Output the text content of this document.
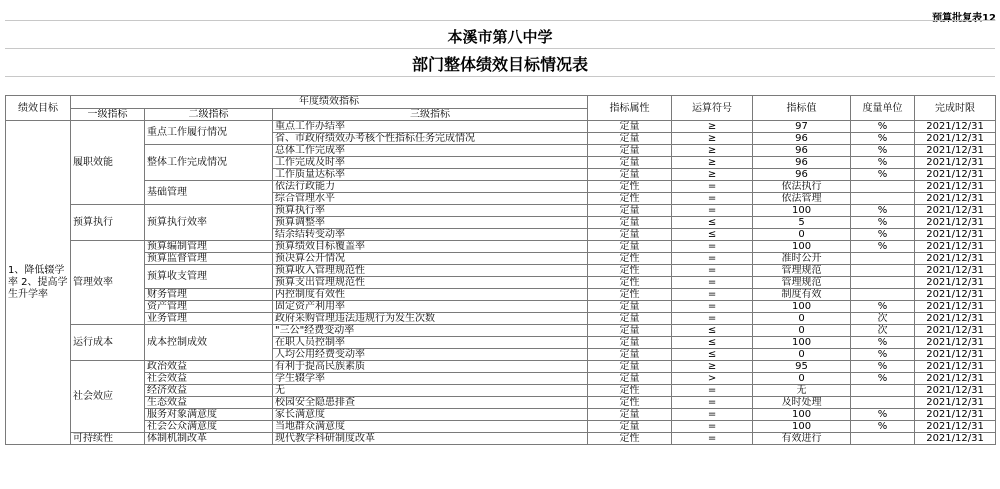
预算批复表12
本溪市第八中学
部门整体绩效目标情况表
绩效目标	年度绩效指标			指标属性	运算符号	指标值	度量单位	完成时限
	一级指标	二级指标	三级指标					
1、降低辍学率 2、提高学生升学率	履职效能	重点工作履行情况	重点工作办结率	定量	≥	97	%	2021/12/31
			省、市政府绩效办考核个性指标任务完成情况	定量	≥	96	%	2021/12/31
		整体工作完成情况	总体工作完成率	定量	≥	96	%	2021/12/31
			工作完成及时率	定量	≥	96	%	2021/12/31
			工作质量达标率	定量	≥	96	%	2021/12/31
		基础管理	依法行政能力	定性	=	依法执行		2021/12/31
			综合管理水平	定性	=	依法管理		2021/12/31
	预算执行	预算执行效率	预算执行率	定量	=	100	%	2021/12/31
			预算调整率	定量	≤	5	%	2021/12/31
			结余结转变动率	定量	≤	0	%	2021/12/31
	管理效率	预算编制管理	预算绩效目标覆盖率	定量	=	100	%	2021/12/31
		预算监督管理	预决算公开情况	定性	=	准时公开		2021/12/31
		预算收支管理	预算收入管理规范性	定性	=	管理规范		2021/12/31
			预算支出管理规范性	定性	=	管理规范		2021/12/31
		财务管理	内控制度有效性	定性	=	制度有效		2021/12/31
		资产管理	固定资产利用率	定量	=	100	%	2021/12/31
		业务管理	政府采购管理违法违规行为发生次数	定量	=	0	次	2021/12/31
	运行成本	成本控制成效	"三公"经费变动率	定量	≤	0	次	2021/12/31
			在职人员控制率	定量	≤	100	%	2021/12/31
			人均公用经费变动率	定量	≤	0	%	2021/12/31
	社会效应	政治效益	有利于提高民族素质	定量	≥	95	%	2021/12/31
		社会效益	学生辍学率	定量	>	0	%	2021/12/31
		经济效益	无	定性	=	无		2021/12/31
		生态效益	校园安全隐患排查	定性	=	及时处理		2021/12/31
		服务对象满意度	家长满意度	定量	=	100	%	2021/12/31
		社会公众满意度	当地群众满意度	定量	=	100	%	2021/12/31
	可持续性	体制机制改革	现代教学科研制度改革	定性	=	有效进行		2021/12/31
